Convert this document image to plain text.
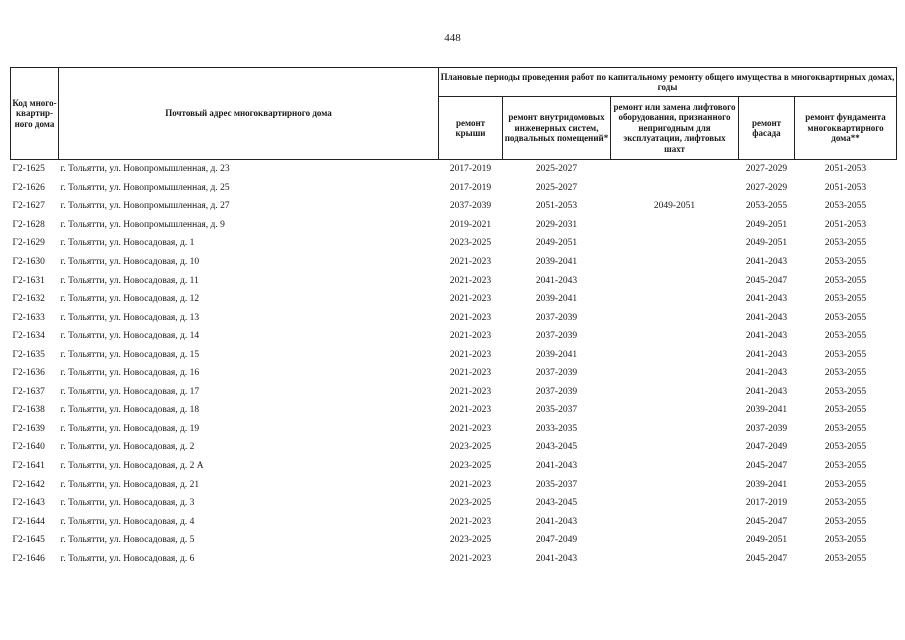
448
Код много-квартир-ного дома	Почтовый адрес многоквартирного дома	Плановые периоды проведения работ по капитальному ремонту общего имущества в многоквартирных домах, годы				
		ремонт крыши	ремонт внутридомовых инженерных систем, подвальных помещений*	ремонт или замена лифтового оборудования, признанного непригодным для эксплуатации, лифтовых шахт	ремонт фасада	ремонт фундамента многоквартирного дома**
Г2-1625	г. Тольятти, ул. Новопромышленная, д. 23	2017-2019	2025-2027		2027-2029	2051-2053
Г2-1626	г. Тольятти, ул. Новопромышленная, д. 25	2017-2019	2025-2027		2027-2029	2051-2053
Г2-1627	г. Тольятти, ул. Новопромышленная, д. 27	2037-2039	2051-2053	2049-2051	2053-2055	2053-2055
Г2-1628	г. Тольятти, ул. Новопромышленная, д. 9	2019-2021	2029-2031		2049-2051	2051-2053
Г2-1629	г. Тольятти, ул. Новосадовая, д. 1	2023-2025	2049-2051		2049-2051	2053-2055
Г2-1630	г. Тольятти, ул. Новосадовая, д. 10	2021-2023	2039-2041		2041-2043	2053-2055
Г2-1631	г. Тольятти, ул. Новосадовая, д. 11	2021-2023	2041-2043		2045-2047	2053-2055
Г2-1632	г. Тольятти, ул. Новосадовая, д. 12	2021-2023	2039-2041		2041-2043	2053-2055
Г2-1633	г. Тольятти, ул. Новосадовая, д. 13	2021-2023	2037-2039		2041-2043	2053-2055
Г2-1634	г. Тольятти, ул. Новосадовая, д. 14	2021-2023	2037-2039		2041-2043	2053-2055
Г2-1635	г. Тольятти, ул. Новосадовая, д. 15	2021-2023	2039-2041		2041-2043	2053-2055
Г2-1636	г. Тольятти, ул. Новосадовая, д. 16	2021-2023	2037-2039		2041-2043	2053-2055
Г2-1637	г. Тольятти, ул. Новосадовая, д. 17	2021-2023	2037-2039		2041-2043	2053-2055
Г2-1638	г. Тольятти, ул. Новосадовая, д. 18	2021-2023	2035-2037		2039-2041	2053-2055
Г2-1639	г. Тольятти, ул. Новосадовая, д. 19	2021-2023	2033-2035		2037-2039	2053-2055
Г2-1640	г. Тольятти, ул. Новосадовая, д. 2	2023-2025	2043-2045		2047-2049	2053-2055
Г2-1641	г. Тольятти, ул. Новосадовая, д. 2 А	2023-2025	2041-2043		2045-2047	2053-2055
Г2-1642	г. Тольятти, ул. Новосадовая, д. 21	2021-2023	2035-2037		2039-2041	2053-2055
Г2-1643	г. Тольятти, ул. Новосадовая, д. 3	2023-2025	2043-2045		2017-2019	2053-2055
Г2-1644	г. Тольятти, ул. Новосадовая, д. 4	2021-2023	2041-2043		2045-2047	2053-2055
Г2-1645	г. Тольятти, ул. Новосадовая, д. 5	2023-2025	2047-2049		2049-2051	2053-2055
Г2-1646	г. Тольятти, ул. Новосадовая, д. 6	2021-2023	2041-2043		2045-2047	2053-2055
